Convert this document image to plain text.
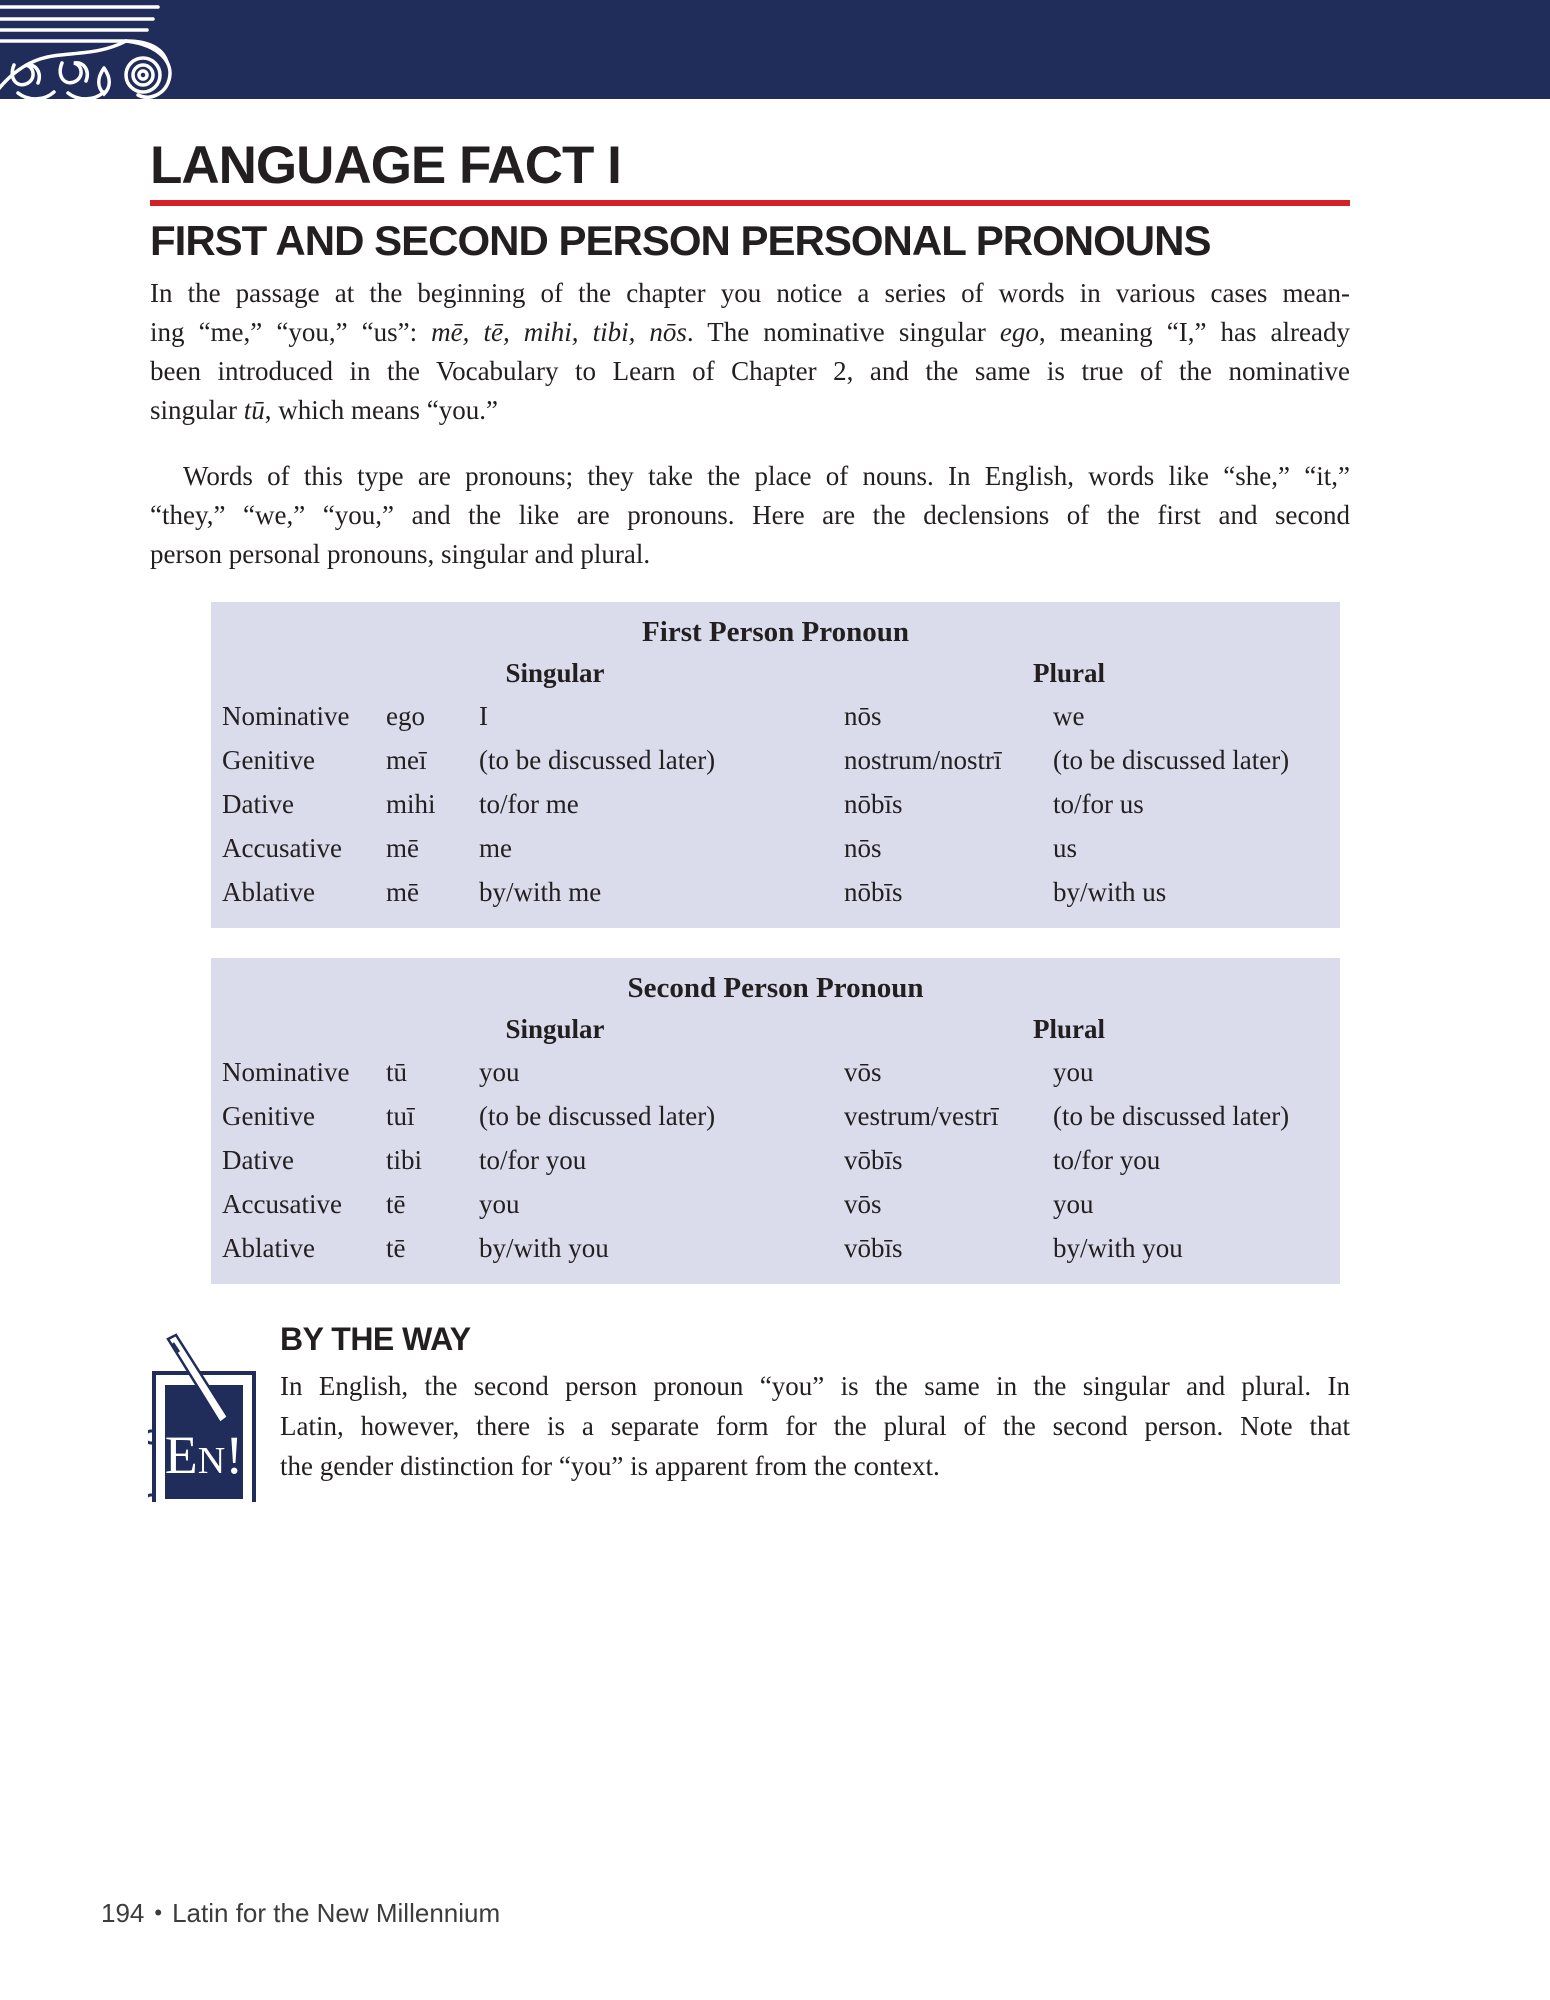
LANGUAGE FACT I
FIRST AND SECOND PERSON PERSONAL PRONOUNS
In the passage at the beginning of the chapter you notice a series of words in various cases mean-
ing “me,” “you,” “us”: mē, tē, mihi, tibi, nōs. The nominative singular ego, meaning “I,” has already
been introduced in the Vocabulary to Learn of Chapter 2, and the same is true of the nominative
singular tū, which means “you.”
Words of this type are pronouns; they take the place of nouns. In English, words like “she,” “it,”
“they,” “we,” “you,” and the like are pronouns. Here are the declensions of the first and second
person personal pronouns, singular and plural.
First Person Pronoun
Singular	Plural
Nominative	ego	I	nōs	we
Genitive	meī	(to be discussed later)	nostrum/nostrī	(to be discussed later)
Dative	mihi	to/for me	nōbīs	to/for us
Accusative	mē	me	nōs	us
Ablative	mē	by/with me	nōbīs	by/with us
Second Person Pronoun
Singular	Plural
Nominative	tū	you	vōs	you
Genitive	tuī	(to be discussed later)	vestrum/vestrī	(to be discussed later)
Dative	tibi	to/for you	vōbīs	to/for you
Accusative	tē	you	vōs	you
Ablative	tē	by/with you	vōbīs	by/with you
EN!
BY THE WAY
In English, the second person pronoun “you” is the same in the singular and plural. In
Latin, however, there is a separate form for the plural of the second person. Note that
the gender distinction for “you” is apparent from the context.
194 • Latin for the New Millennium
